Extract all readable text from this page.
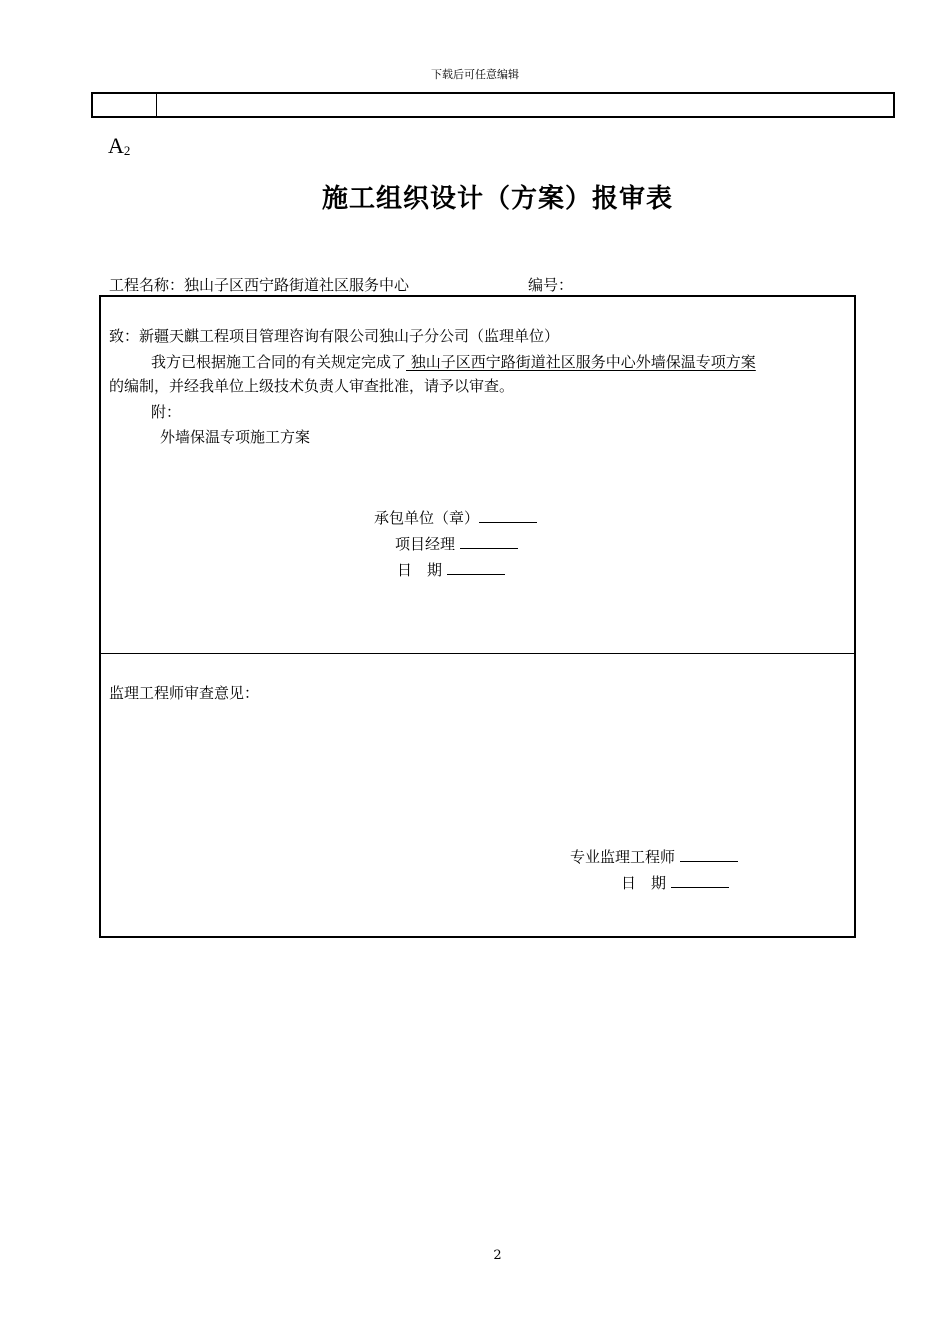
下载后可任意编辑
$A_2$
施工组织设计（方案）报审表
工程名称：独山子区西宁路街道社区服务中心	编号：
致：新疆天麒工程项目管理咨询有限公司独山子分公司（监理单位）
我方已根据施工合同的有关规定完成了 独山子区西宁路街道社区服务中心外墙保温专项方案
的编制，并经我单位上级技术负责人审查批准，请予以审查。
附：
外墙保温专项施工方案
承包单位（章）
项目经理
日　期
监理工程师审查意见：
专业监理工程师
日　期
2
